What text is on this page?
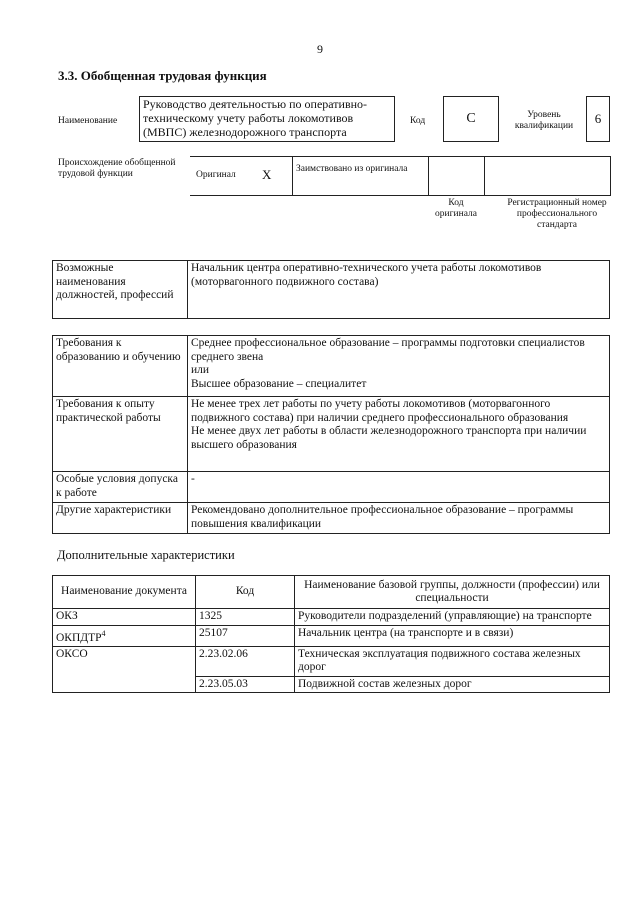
9
3.3. Обобщенная трудовая функция
Наименование
Руководство деятельностью по оперативно-техническому учету работы локомотивов (МВПС) железнодорожного транспорта
Код	C	Уровень квалификации	6
Происхождение обобщенной трудовой функции	Оригинал X	Заимствовано из оригинала
Код оригинала
Регистрационный номер профессионального стандарта
Возможные наименования должностей, профессий	Начальник центра оперативно-технического учета работы локомотивов (моторвагонного подвижного состава)
Требования к образованию и обучению	Среднее профессиональное образование – программы подготовки специалистов среднего звена
или
Высшее образование – специалитет

Требования к опыту практической работы	Не менее трех лет работы по учету работы локомотивов (моторвагонного подвижного состава) при наличии среднего профессионального образования
Не менее двух лет работы в области железнодорожного транспорта при наличии высшего образования

Особые условия допуска к работе	-

Другие характеристики	Рекомендовано дополнительное профессиональное образование – программы повышения квалификации
Дополнительные характеристики
Наименование документа	Код	Наименование базовой группы, должности (профессии) или специальности
ОКЗ	1325	Руководители подразделений (управляющие) на транспорте
ОКПДТР$^4$	25107	Начальник центра (на транспорте и в связи)
ОКСО	2.23.02.06	Техническая эксплуатация подвижного состава железных дорог
	2.23.05.03	Подвижной состав железных дорог
